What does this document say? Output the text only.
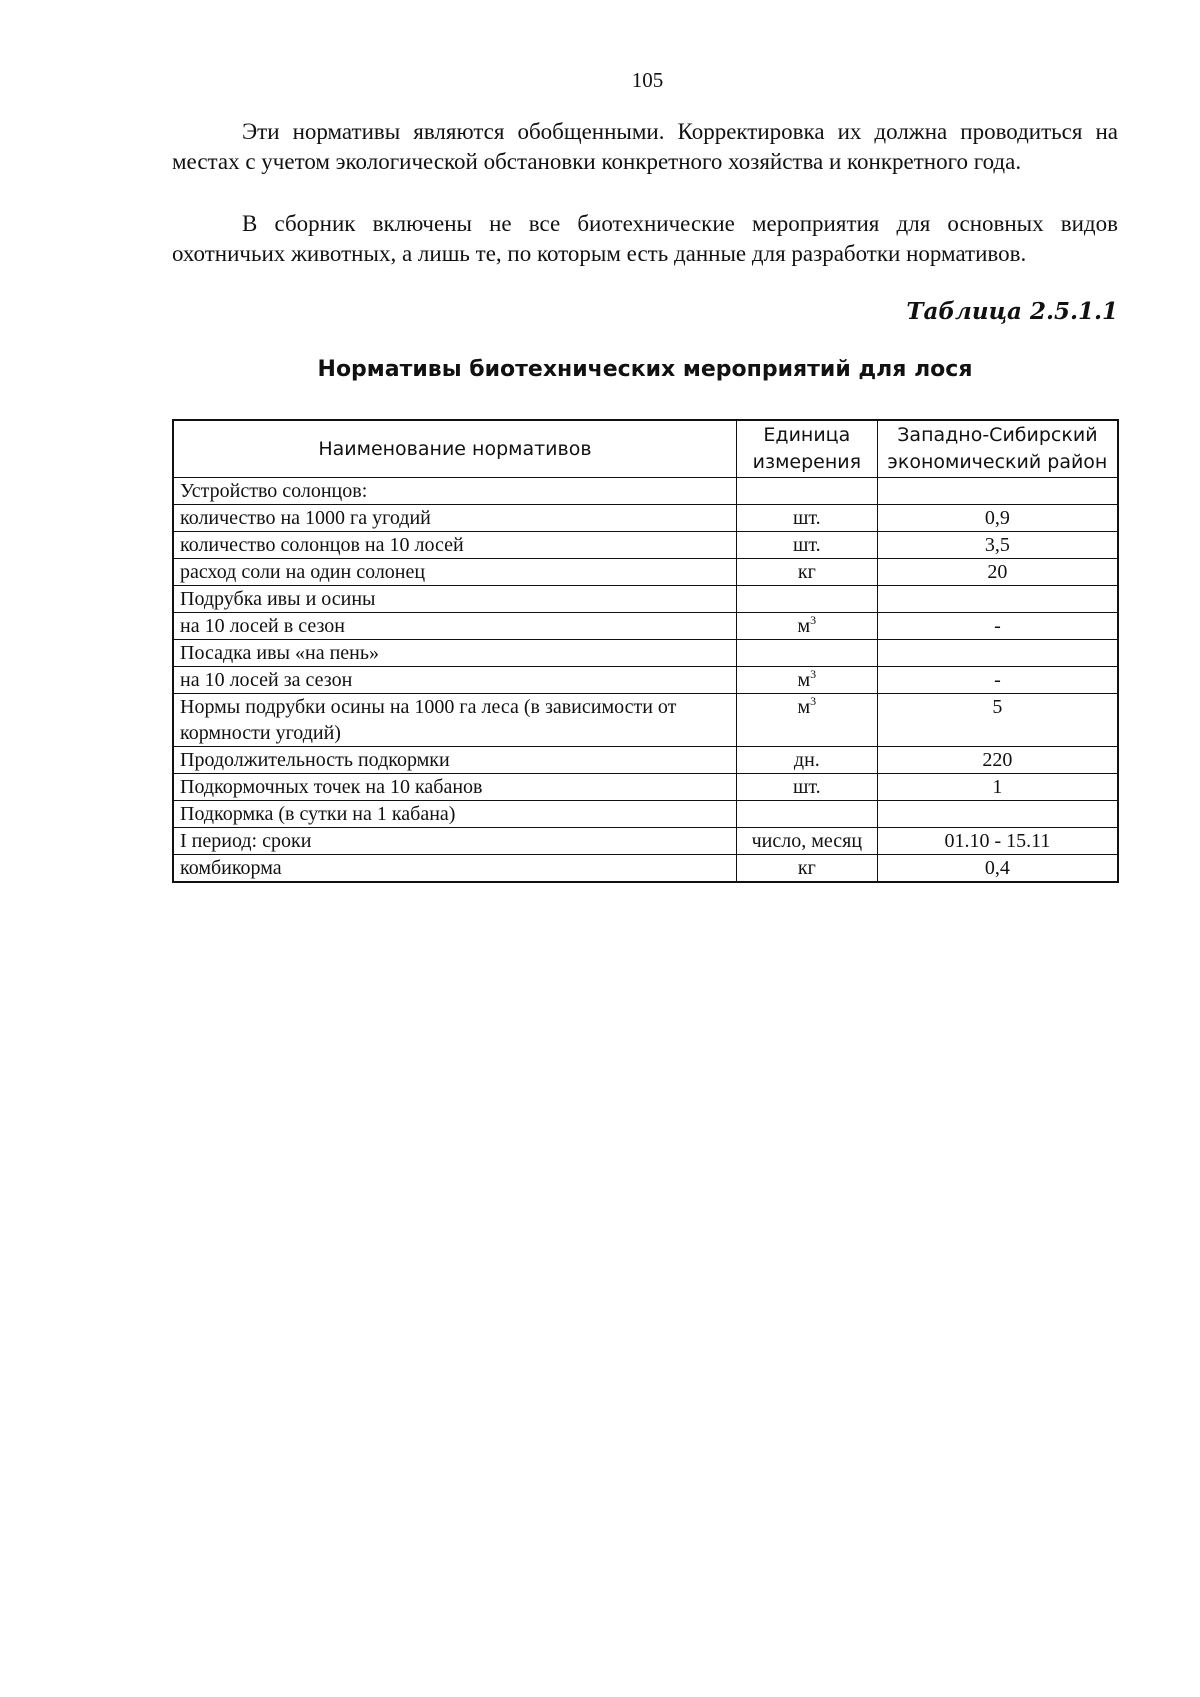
105

Эти нормативы являются обобщенными. Корректировка их должна проводиться на местах с учетом экологической обстановки конкретного хозяйства и конкретного года.

В сборник включены не все биотехнические мероприятия для основных видов охотничьих животных, а лишь те, по которым есть данные для разработки нормативов.

Таблица 2.5.1.1
Нормативы биотехнических мероприятий для лося
Наименование нормативов	Единица измерения	Западно-Сибирский экономический район
Устройство солонцов:		
количество на 1000 га угодий	шт.	0,9
количество солонцов на 10 лосей	шт.	3,5
расход соли на один солонец	кг	20
Подрубка ивы и осины		
на 10 лосей в сезон	$м^3$	-
Посадка ивы «на пень»		
на 10 лосей за сезон	$м^3$	-
Нормы подрубки осины на 1000 га леса (в зависимости от кормности угодий)	$м^3$	5
Продолжительность подкормки	дн.	220
Подкормочных точек на 10 кабанов	шт.	1
Подкормка (в сутки на 1 кабана)		
I период: сроки	число, месяц	01.10 - 15.11
комбикорма	кг	0,4
